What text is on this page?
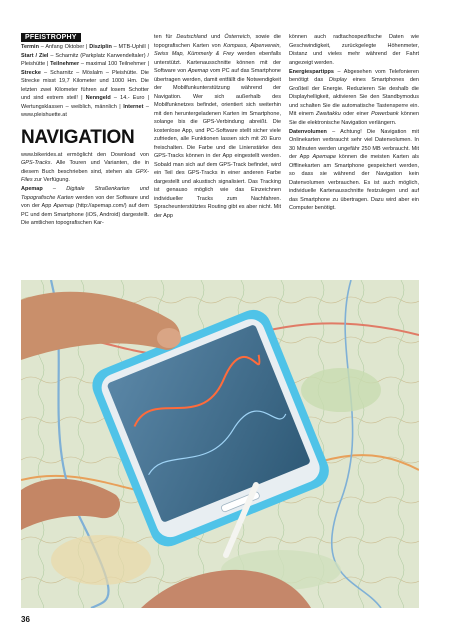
PFEISTROPHY

Termin – Anfang Oktober | Disziplin – MTB-Uphill | Start / Ziel – Scharnitz (Parkplatz Karwendeltaler) / Pleishütte | Teilnehmer – maximal 100 Teilnehmer | Strecke – Scharnitz – Möslalm – Pleishütte. Die Strecke misst 19,7 Kilometer und 1000 Hm. Die letzten zwei Kilometer führen auf losem Schotter und sind extrem steil! | Nenngeld – 14.- Euro | Wertungsklassen – weiblich, männlich | Internet – www.pleishuette.at

NAVIGATION

www.bikerides.at ermöglicht den Download von GPS-Tracks. Alle Touren und Varianten, die in diesem Buch beschrieben sind, stehen als GPX-Files zur Verfügung.

Apemap – Digitale Straßenkarten und Topografische Karten werden von der Software und von der App Apemap (http://apemap.com/) auf dem PC und dem Smartphone (iOS, Android) dargestellt. Die amtlichen topografischen Kar-

ten für Deutschland und Österreich, sowie die topografischen Karten von Kompass, Alpenverein, Swiss Map, Kümmerly & Frey werden ebenfalls unterstützt. Kartenausschnitte können mit der Software von Apemap vom PC auf das Smartphone übertragen werden, damit entfällt die Notwendigkeit der Mobilfunkunterstützung während der Navigation. Wer sich außerhalb des Mobilfunknetzes befindet, orientiert sich weiterhin mit den heruntergeladenen Karten im Smartphone, solange bis die GPS-Verbindung abreißt. Die kostenlose App, und PC-Software stellt sicher viele zufrieden, alle Funktionen lassen sich mit 20 Euro freischalten. Die Farbe und die Linienstärke des GPS-Tracks können in der App eingestellt werden. Sobald man sich auf dem GPS-Track befindet, wird ein Teil des GPS-Tracks in einer anderen Farbe dargestellt und akustisch signalisiert. Das Tracking ist genauso möglich wie das Einzeichnen individueller Tracks zum Nachfahren. Spracheunterstütztes Routing gibt es aber nicht. Mit der App

können auch radtachospezifische Daten wie Geschwindigkeit, zurückgelegte Höhenmeter, Distanz und vieles mehr während der Fahrt angezeigt werden.

Energiespartipps – Abgesehen vom Telefonieren benötigt das Display eines Smartphones den Großteil der Energie. Reduzieren Sie deshalb die Displayhelligkeit, aktivieren Sie den Standbymodus und schalten Sie die automatische Tastensperre ein. Mit einem Zweitakku oder einer Powerbank können Sie die elektronische Navigation verlängern.

Datenvolumen – Achtung! Die Navigation mit Onlinekarten verbraucht sehr viel Datenvolumen. In 30 Minuten werden ungefähr 250 MB verbraucht. Mit der App Apemape können die meisten Karten als Offlinekarten am Smartphone gespeichert werden, so dass sie während der Navigation kein Datenvolumen verbrauchen. Es ist auch möglich, individuelle Kartenausschnitte festzulegen und auf das Smartphone zu übertragen. Dazu wird aber ein Computer benötigt.

36
